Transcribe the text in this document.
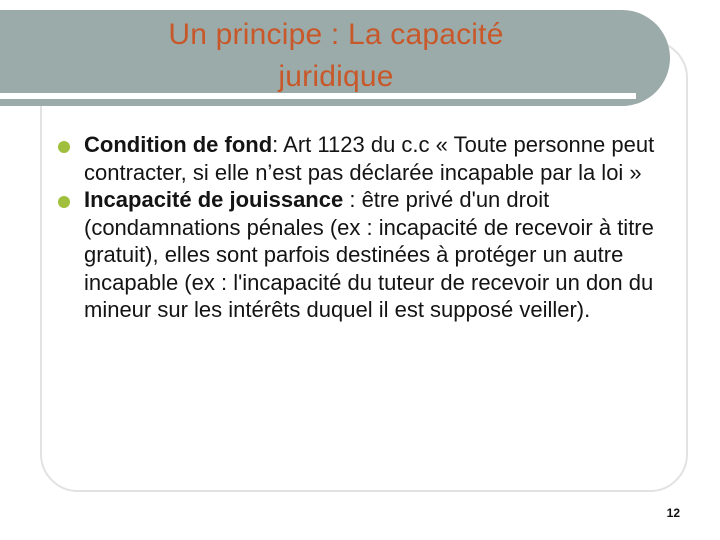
Un principe : La capacité
juridique
Condition de fond: Art 1123 du c.c « Toute personne peut contracter, si elle n’est pas déclarée incapable par la loi »
Incapacité de jouissance : être privé d'un droit (condamnations pénales (ex : incapacité de recevoir à titre gratuit), elles sont parfois destinées à protéger un autre incapable (ex : l'incapacité du tuteur de recevoir un don du mineur sur les intérêts duquel il est supposé veiller).
12
